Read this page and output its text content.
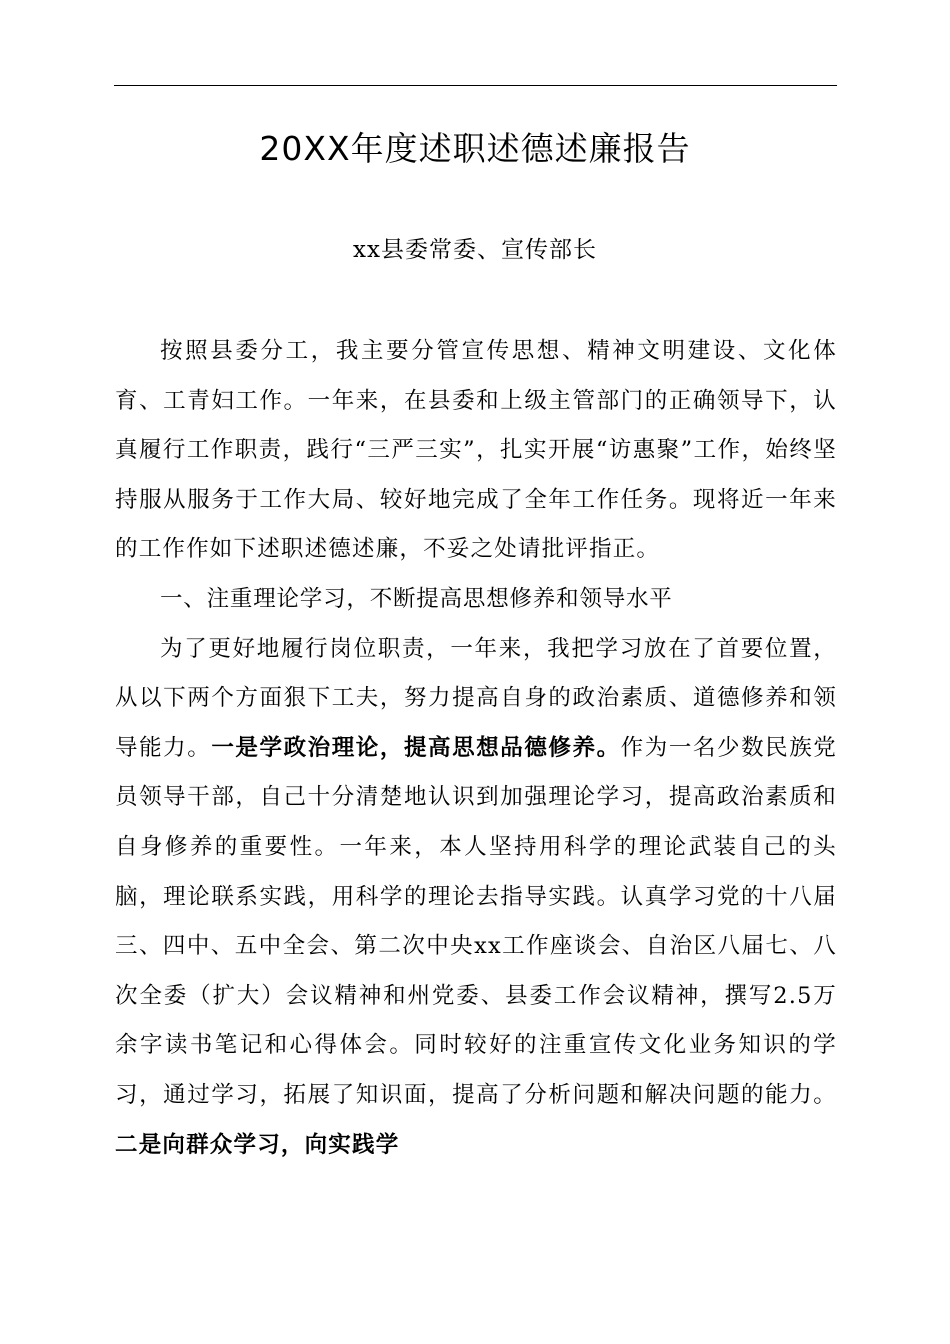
20XX年度述职述德述廉报告
xx县委常委、宣传部长

按照县委分工，我主要分管宣传思想、精神文明建设、文化体育、工青妇工作。一年来，在县委和上级主管部门的正确领导下，认真履行工作职责，践行“三严三实”，扎实开展“访惠聚”工作，始终坚持服从服务于工作大局、较好地完成了全年工作任务。现将近一年来的工作作如下述职述德述廉，不妥之处请批评指正。

一、注重理论学习，不断提高思想修养和领导水平

为了更好地履行岗位职责，一年来，我把学习放在了首要位置，从以下两个方面狠下工夫，努力提高自身的政治素质、道德修养和领导能力。一是学政治理论，提高思想品德修养。作为一名少数民族党员领导干部，自己十分清楚地认识到加强理论学习，提高政治素质和自身修养的重要性。一年来，本人坚持用科学的理论武装自己的头脑，理论联系实践，用科学的理论去指导实践。认真学习党的十八届三、四中、五中全会、第二次中央xx工作座谈会、自治区八届七、八次全委（扩大）会议精神和州党委、县委工作会议精神，撰写2.5万余字读书笔记和心得体会。同时较好的注重宣传文化业务知识的学习，通过学习，拓展了知识面，提高了分析问题和解决问题的能力。二是向群众学习，向实践学
